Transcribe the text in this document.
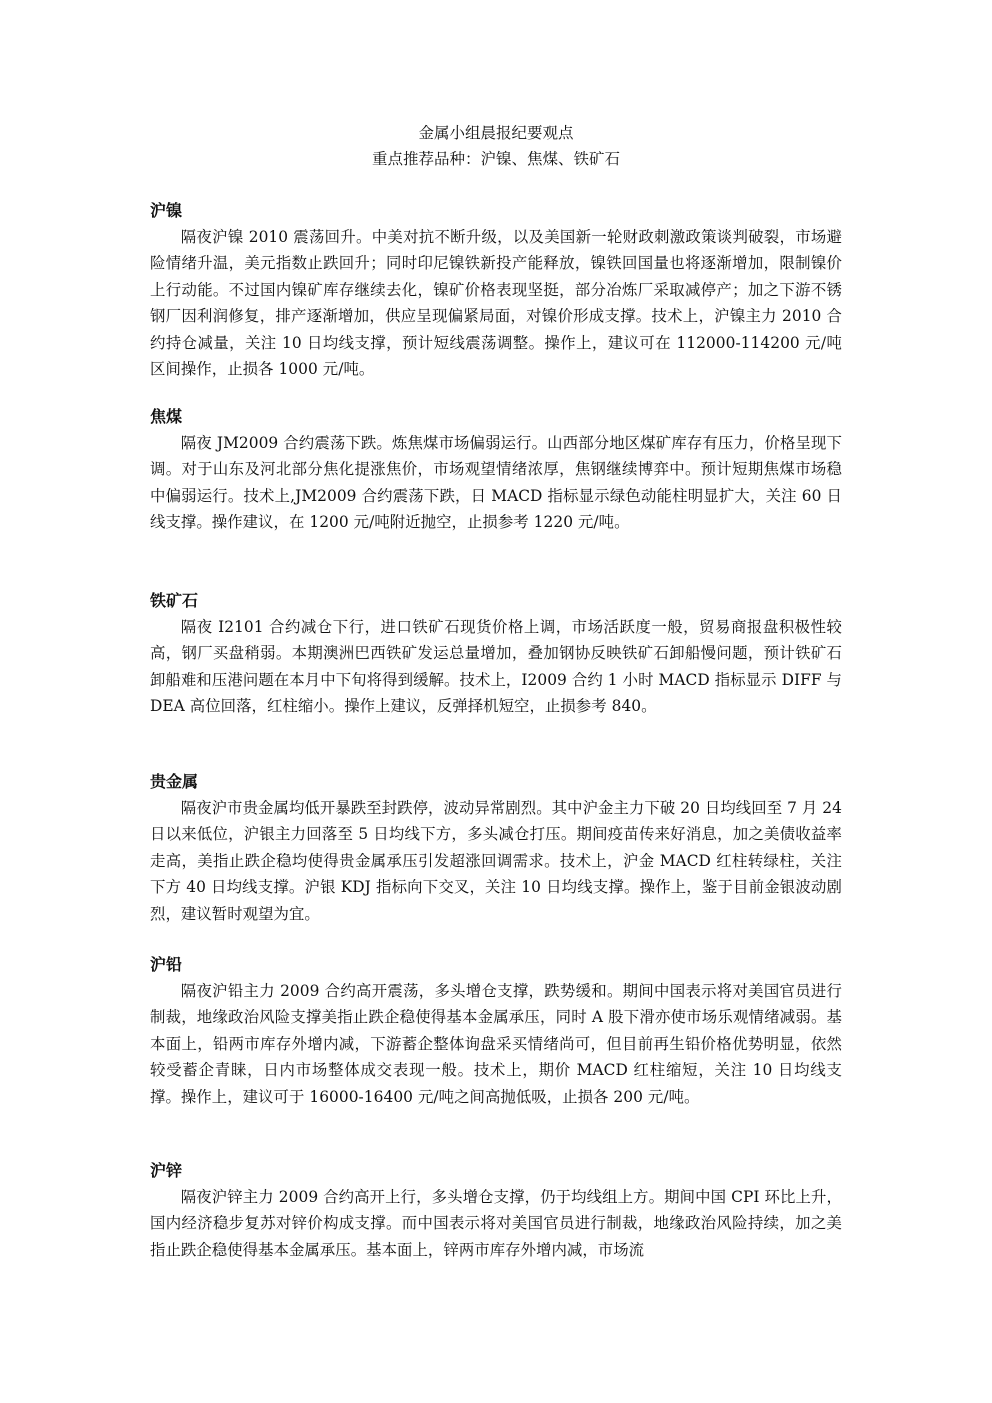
金属小组晨报纪要观点
重点推荐品种：沪镍、焦煤、铁矿石
沪镍

隔夜沪镍 2010 震荡回升。中美对抗不断升级，以及美国新一轮财政刺激政策谈判破裂，市场避险情绪升温，美元指数止跌回升；同时印尼镍铁新投产能释放，镍铁回国量也将逐渐增加，限制镍价上行动能。不过国内镍矿库存继续去化，镍矿价格表现坚挺，部分冶炼厂采取减停产；加之下游不锈钢厂因利润修复，排产逐渐增加，供应呈现偏紧局面，对镍价形成支撑。技术上，沪镍主力 2010 合约持仓减量，关注 10 日均线支撑，预计短线震荡调整。操作上，建议可在 112000-114200 元/吨区间操作，止损各 1000 元/吨。

焦煤

隔夜 JM2009 合约震荡下跌。炼焦煤市场偏弱运行。山西部分地区煤矿库存有压力，价格呈现下调。对于山东及河北部分焦化提涨焦价，市场观望情绪浓厚，焦钢继续博弈中。预计短期焦煤市场稳中偏弱运行。技术上,JM2009 合约震荡下跌，日 MACD 指标显示绿色动能柱明显扩大，关注 60 日线支撑。操作建议，在 1200 元/吨附近抛空，止损参考 1220 元/吨。

铁矿石

隔夜 I2101 合约减仓下行，进口铁矿石现货价格上调，市场活跃度一般，贸易商报盘积极性较高，钢厂买盘稍弱。本期澳洲巴西铁矿发运总量增加，叠加钢协反映铁矿石卸船慢问题，预计铁矿石卸船难和压港问题在本月中下旬将得到缓解。技术上，I2009 合约 1 小时 MACD 指标显示 DIFF 与 DEA 高位回落，红柱缩小。操作上建议，反弹择机短空，止损参考 840。

贵金属

隔夜沪市贵金属均低开暴跌至封跌停，波动异常剧烈。其中沪金主力下破 20 日均线回至 7 月 24 日以来低位，沪银主力回落至 5 日均线下方，多头减仓打压。期间疫苗传来好消息，加之美债收益率走高，美指止跌企稳均使得贵金属承压引发超涨回调需求。技术上，沪金 MACD 红柱转绿柱，关注下方 40 日均线支撑。沪银 KDJ 指标向下交叉，关注 10 日均线支撑。操作上，鉴于目前金银波动剧烈，建议暂时观望为宜。

沪铅

隔夜沪铅主力 2009 合约高开震荡，多头增仓支撑，跌势缓和。期间中国表示将对美国官员进行制裁，地缘政治风险支撑美指止跌企稳使得基本金属承压，同时 A 股下滑亦使市场乐观情绪减弱。基本面上，铅两市库存外增内减，下游蓄企整体询盘采买情绪尚可，但目前再生铅价格优势明显，依然较受蓄企青睐，日内市场整体成交表现一般。技术上，期价 MACD 红柱缩短，关注 10 日均线支撑。操作上，建议可于 16000-16400 元/吨之间高抛低吸，止损各 200 元/吨。

沪锌

隔夜沪锌主力 2009 合约高开上行，多头增仓支撑，仍于均线组上方。期间中国 CPI 环比上升，国内经济稳步复苏对锌价构成支撑。而中国表示将对美国官员进行制裁，地缘政治风险持续，加之美指止跌企稳使得基本金属承压。基本面上，锌两市库存外增内减，市场流
